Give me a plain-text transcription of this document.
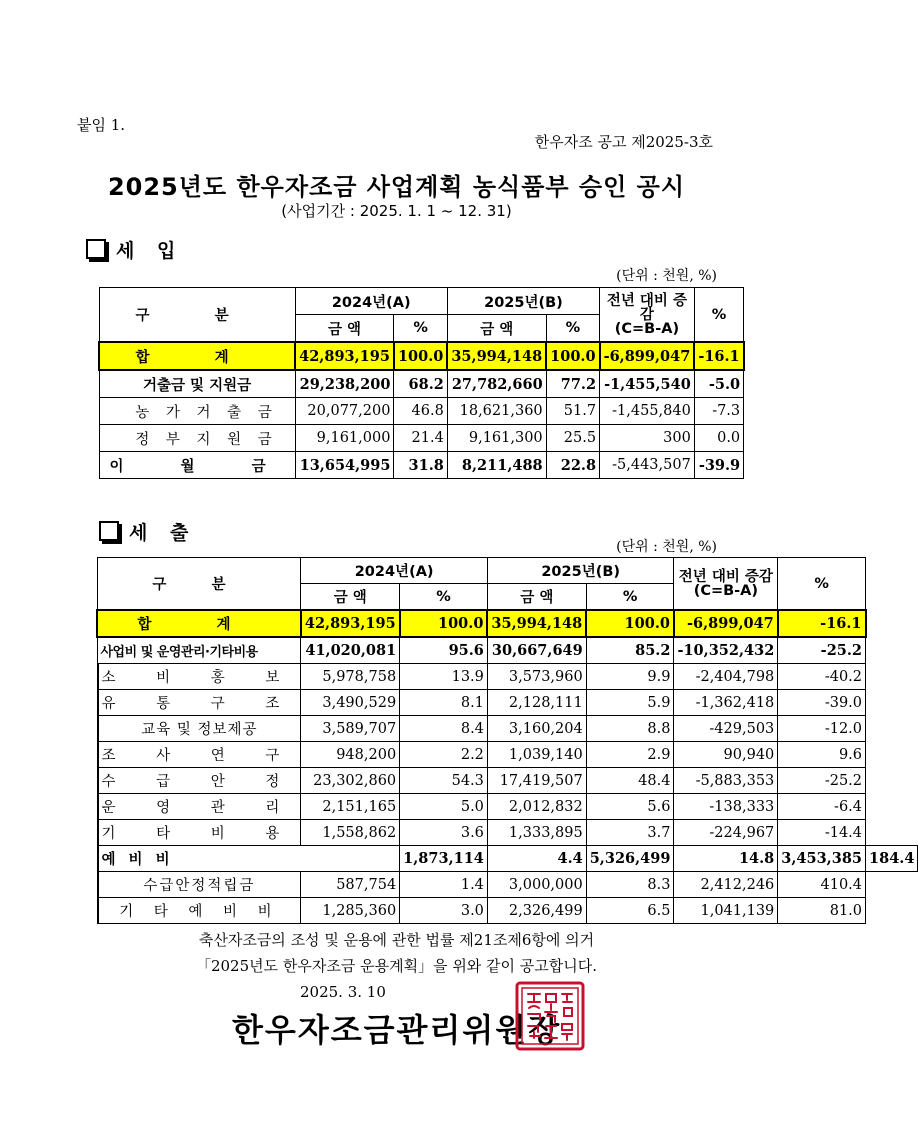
붙임 1.
한우자조 공고 제2025-3호
2025년도 한우자조금 사업계획 농식품부 승인 공시
(사업기간 : 2025. 1. 1 ~ 12. 31)
세 입
(단위 : 천원, %)
구 분	2024년(A)		2025년(B)		전년 대비 증감
(C=B-A)	%
	금 액	%	금 액	%		
합 계	42,893,195	100.0	35,994,148	100.0	-6,899,047	-16.1
거출금 및 지원금	29,238,200	68.2	27,782,660	77.2	-1,455,540	-5.0
농 가 거 출 금	20,077,200	46.8	18,621,360	51.7	-1,455,840	-7.3
정 부 지 원 금	9,161,000	21.4	9,161,300	25.5	300	0.0
이 월 금	13,654,995	31.8	8,211,488	22.8	-5,443,507	-39.9
세 출
(단위 : 천원, %)
구 분	2024년(A)		2025년(B)		전년 대비 증감
(C=B-A)	%	
	금 액	%	금 액	%			
합 계	42,893,195	100.0	35,994,148	100.0	-6,899,047	-16.1	
사업비 및 운영관리·기타비용	41,020,081	95.6	30,667,649	85.2	-10,352,432	-25.2	
	소 비 홍 보	5,978,758	13.9	3,573,960	9.9	-2,404,798	-40.2	
유 통 구 조	3,490,529	8.1	2,128,111	5.9	-1,362,418	-39.0	
교육 및 정보제공	3,589,707	8.4	3,160,204	8.8	-429,503	-12.0	
조 사 연 구	948,200	2.2	1,039,140	2.9	90,940	9.6	
수 급 안 정	23,302,860	54.3	17,419,507	48.4	-5,883,353	-25.2	
운 영 관 리	2,151,165	5.0	2,012,832	5.6	-138,333	-6.4	
기 타 비 용	1,558,862	3.6	1,333,895	3.7	-224,967	-14.4	
예 비 비		1,873,114	4.4	5,326,499	14.8	3,453,385	184.4
	수급안정적립금	587,754	1.4	3,000,000	8.3	2,412,246	410.4	
기 타 예 비 비	1,285,360	3.0	2,326,499	6.5	1,041,139	81.0	
축산자조금의 조성 및 운용에 관한 법률 제21조제6항에 의거
「2025년도 한우자조금 운용계획」을 위와 같이 공고합니다.
2025. 3. 10
한우자조금관리위원장
